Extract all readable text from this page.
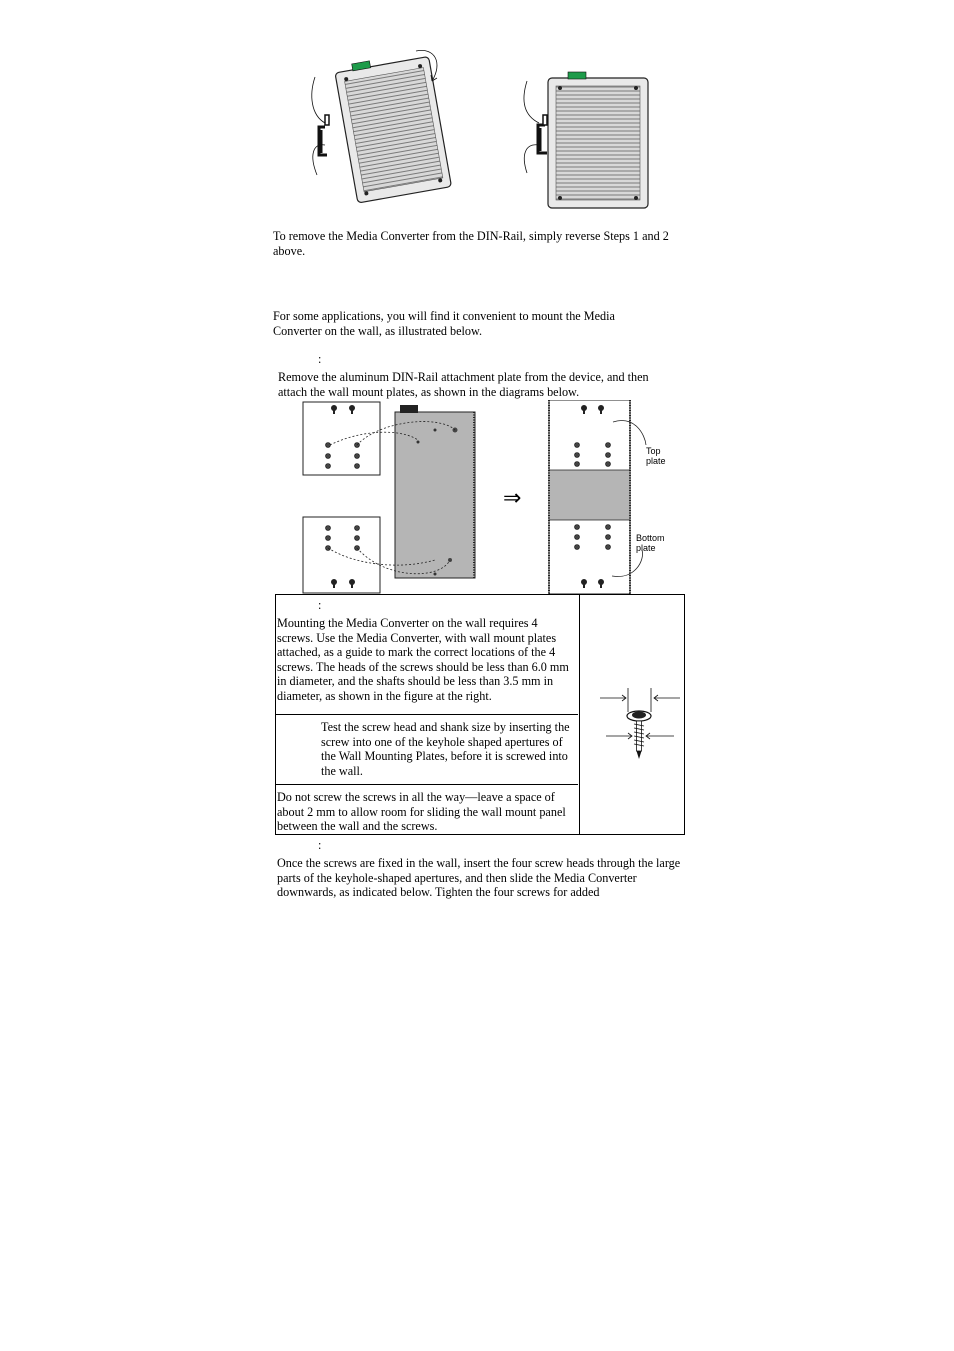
To remove the Media Converter from the DIN-Rail, simply reverse Steps 1 and 2 above.
For some applications, you will find it convenient to mount the Media Converter on the wall, as illustrated below.
:
Remove the aluminum DIN-Rail attachment plate from the device, and then attach the wall mount plates, as shown in the diagrams below.
⇒
Top
plate
Bottom
plate
:
Mounting the Media Converter on the wall requires 4 screws. Use the Media Converter, with wall mount plates attached, as a guide to mark the correct locations of the 4 screws. The heads of the screws should be less than 6.0 mm in diameter, and the shafts should be less than 3.5 mm in diameter, as shown in the figure at the right.
Test the screw head and shank size by inserting the screw into one of the keyhole shaped apertures of the Wall Mounting Plates, before it is screwed into the wall.
Do not screw the screws in all the way—leave a space of about 2 mm to allow room for sliding the wall mount panel between the wall and the screws.
:
Once the screws are fixed in the wall, insert the four screw heads through the large parts of the keyhole-shaped apertures, and then slide the Media Converter downwards, as indicated below. Tighten the four screws for added
